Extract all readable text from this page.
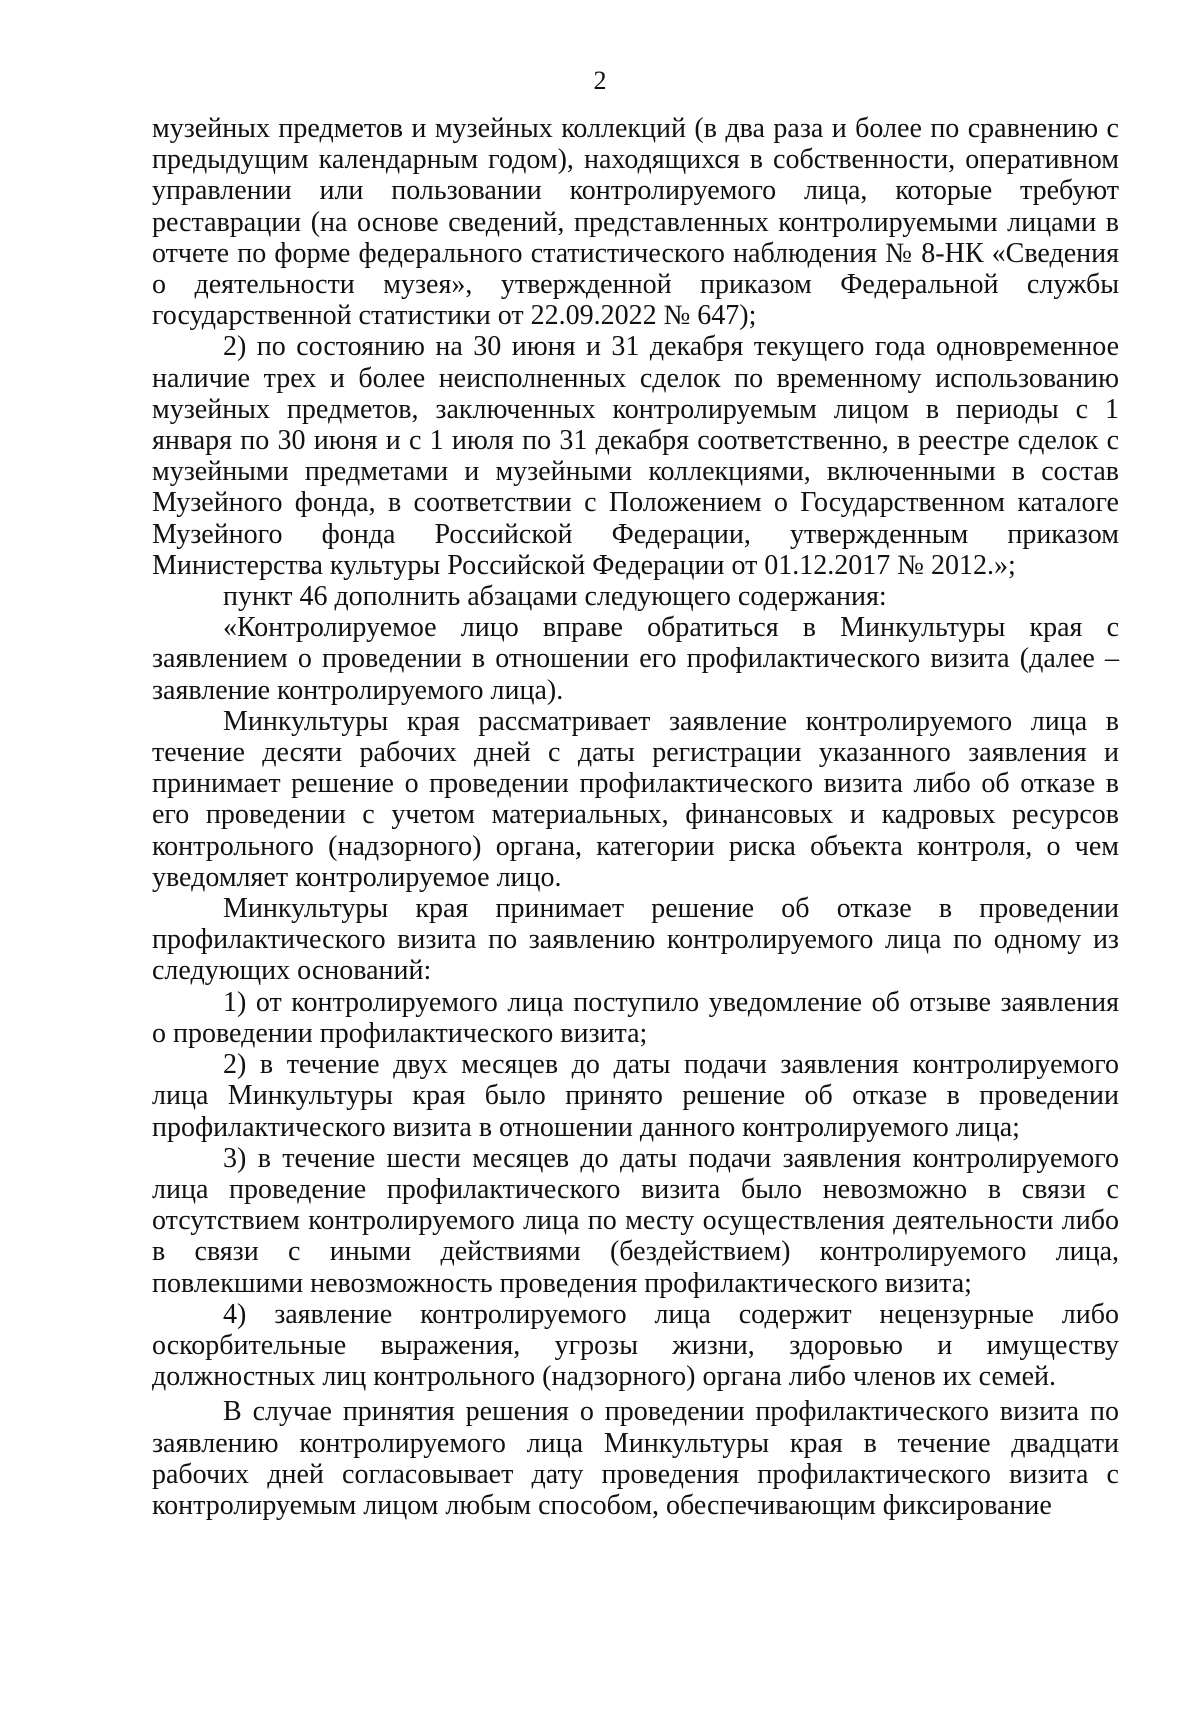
2

музейных предметов и музейных коллекций (в два раза и более по сравнению с предыдущим календарным годом), находящихся в собственности, оперативном управлении или пользовании контролируемого лица, которые требуют реставрации (на основе сведений, представленных контролируемыми лицами в отчете по форме федерального статистического наблюдения № 8-НК «Сведения о деятельности музея», утвержденной приказом Федеральной службы государственной статистики от 22.09.2022 № 647);

2) по состоянию на 30 июня и 31 декабря текущего года одновременное наличие трех и более неисполненных сделок по временному использованию музейных предметов, заключенных контролируемым лицом в периоды с 1 января по 30 июня и с 1 июля по 31 декабря соответственно, в реестре сделок с музейными предметами и музейными коллекциями, включенными в состав Музейного фонда, в соответствии с Положением о Государственном каталоге Музейного фонда Российской Федерации, утвержденным приказом Министерства культуры Российской Федерации от 01.12.2017 № 2012.»;

пункт 46 дополнить абзацами следующего содержания:

«Контролируемое лицо вправе обратиться в Минкультуры края с заявлением о проведении в отношении его профилактического визита (далее – заявление контролируемого лица).

Минкультуры края рассматривает заявление контролируемого лица в течение десяти рабочих дней с даты регистрации указанного заявления и принимает решение о проведении профилактического визита либо об отказе в его проведении с учетом материальных, финансовых и кадровых ресурсов контрольного (надзорного) органа, категории риска объекта контроля, о чем уведомляет контролируемое лицо.

Минкультуры края принимает решение об отказе в проведении профилактического визита по заявлению контролируемого лица по одному из следующих оснований:

1) от контролируемого лица поступило уведомление об отзыве заявления о проведении профилактического визита;

2) в течение двух месяцев до даты подачи заявления контролируемого лица Минкультуры края было принято решение об отказе в проведении профилактического визита в отношении данного контролируемого лица;

3) в течение шести месяцев до даты подачи заявления контролируемого лица проведение профилактического визита было невозможно в связи с отсутствием контролируемого лица по месту осуществления деятельности либо в связи с иными действиями (бездействием) контролируемого лица, повлекшими невозможность проведения профилактического визита;

4) заявление контролируемого лица содержит нецензурные либо оскорбительные выражения, угрозы жизни, здоровью и имуществу должностных лиц контрольного (надзорного) органа либо членов их семей.

В случае принятия решения о проведении профилактического визита по заявлению контролируемого лица Минкультуры края в течение двадцати рабочих дней согласовывает дату проведения профилактического визита с контролируемым лицом любым способом, обеспечивающим фиксирование
